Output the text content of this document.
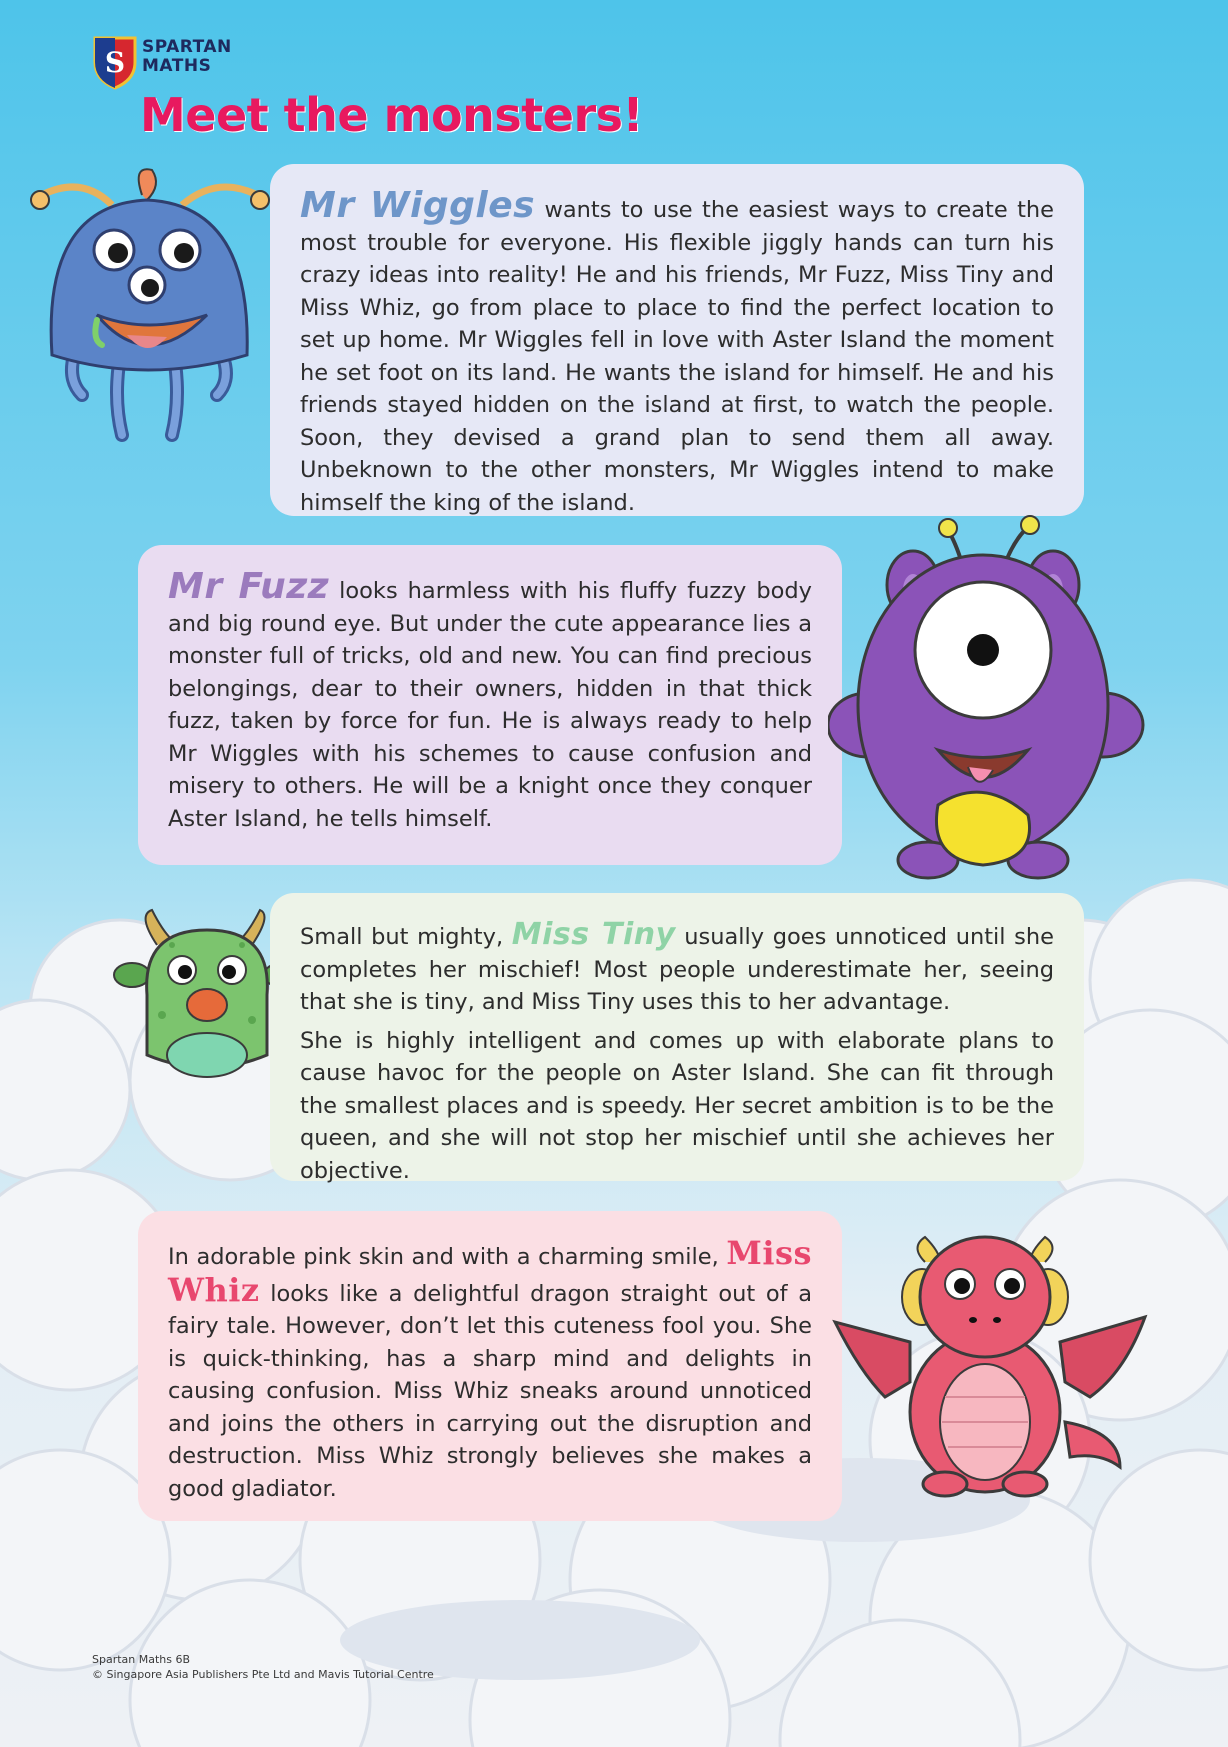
S SPARTAN
MATHS
Meet the monsters!

Mr Wiggles wants to use the easiest ways to create the most trouble for everyone. His flexible jiggly hands can turn his crazy ideas into reality! He and his friends, Mr Fuzz, Miss Tiny and Miss Whiz, go from place to place to find the perfect location to set up home. Mr Wiggles fell in love with Aster Island the moment he set foot on its land. He wants the island for himself. He and his friends stayed hidden on the island at first, to watch the people. Soon, they devised a grand plan to send them all away. Unbeknown to the other monsters, Mr Wiggles intend to make himself the king of the island.

Mr Fuzz looks harmless with his fluffy fuzzy body and big round eye. But under the cute appearance lies a monster full of tricks, old and new. You can find precious belongings, dear to their owners, hidden in that thick fuzz, taken by force for fun. He is always ready to help Mr Wiggles with his schemes to cause confusion and misery to others. He will be a knight once they conquer Aster Island, he tells himself.

Small but mighty, Miss Tiny usually goes unnoticed until she completes her mischief! Most people underestimate her, seeing that she is tiny, and Miss Tiny uses this to her advantage.

She is highly intelligent and comes up with elaborate plans to cause havoc for the people on Aster Island. She can fit through the smallest places and is speedy. Her secret ambition is to be the queen, and she will not stop her mischief until she achieves her objective.

In adorable pink skin and with a charming smile, Miss Whiz looks like a delightful dragon straight out of a fairy tale. However, don’t let this cuteness fool you. She is quick-thinking, has a sharp mind and delights in causing confusion. Miss Whiz sneaks around unnoticed and joins the others in carrying out the disruption and destruction. Miss Whiz strongly believes she makes a good gladiator.

Spartan Maths 6B
© Singapore Asia Publishers Pte Ltd and Mavis Tutorial Centre
